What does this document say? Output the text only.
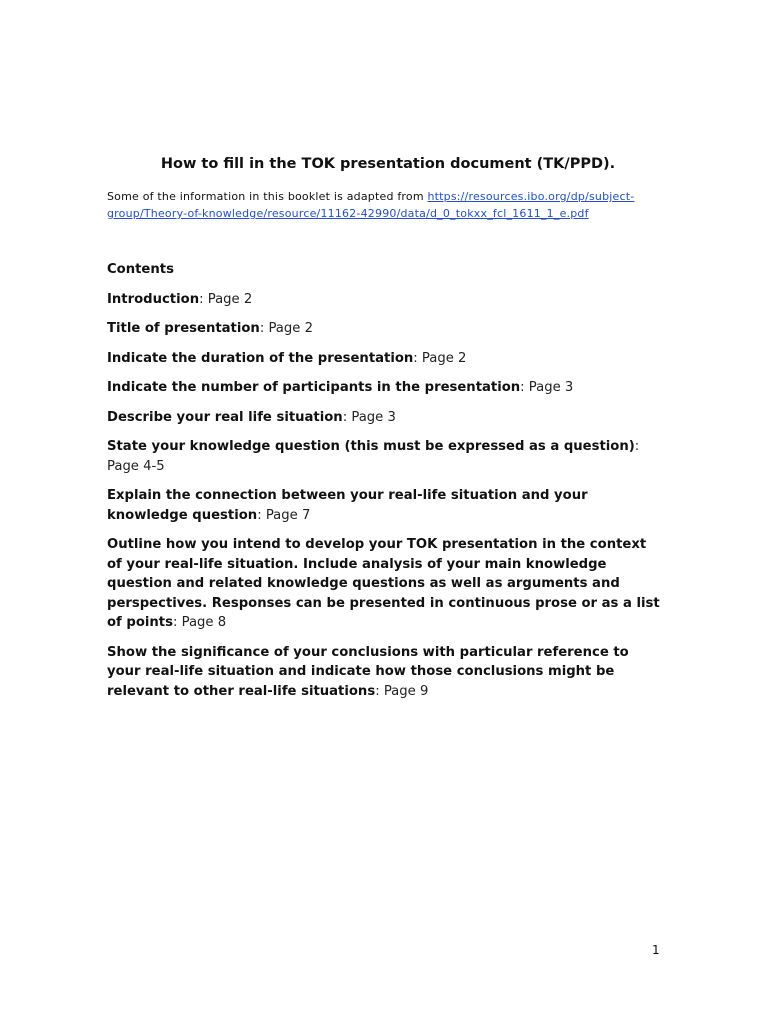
How to fill in the TOK presentation document (TK/PPD).
Some of the information in this booklet is adapted from https://resources.ibo.org/dp/subject-group/Theory-of-knowledge/resource/11162-42990/data/d_0_tokxx_fcl_1611_1_e.pdf
Contents
Introduction: Page 2
Title of presentation: Page 2
Indicate the duration of the presentation: Page 2
Indicate the number of participants in the presentation: Page 3
Describe your real life situation: Page 3
State your knowledge question (this must be expressed as a question): Page 4-5
Explain the connection between your real-life situation and your knowledge question: Page 7
Outline how you intend to develop your TOK presentation in the context of your real-life situation. Include analysis of your main knowledge question and related knowledge questions as well as arguments and perspectives. Responses can be presented in continuous prose or as a list of points: Page 8
Show the significance of your conclusions with particular reference to your real-life situation and indicate how those conclusions might be relevant to other real-life situations: Page 9
1
